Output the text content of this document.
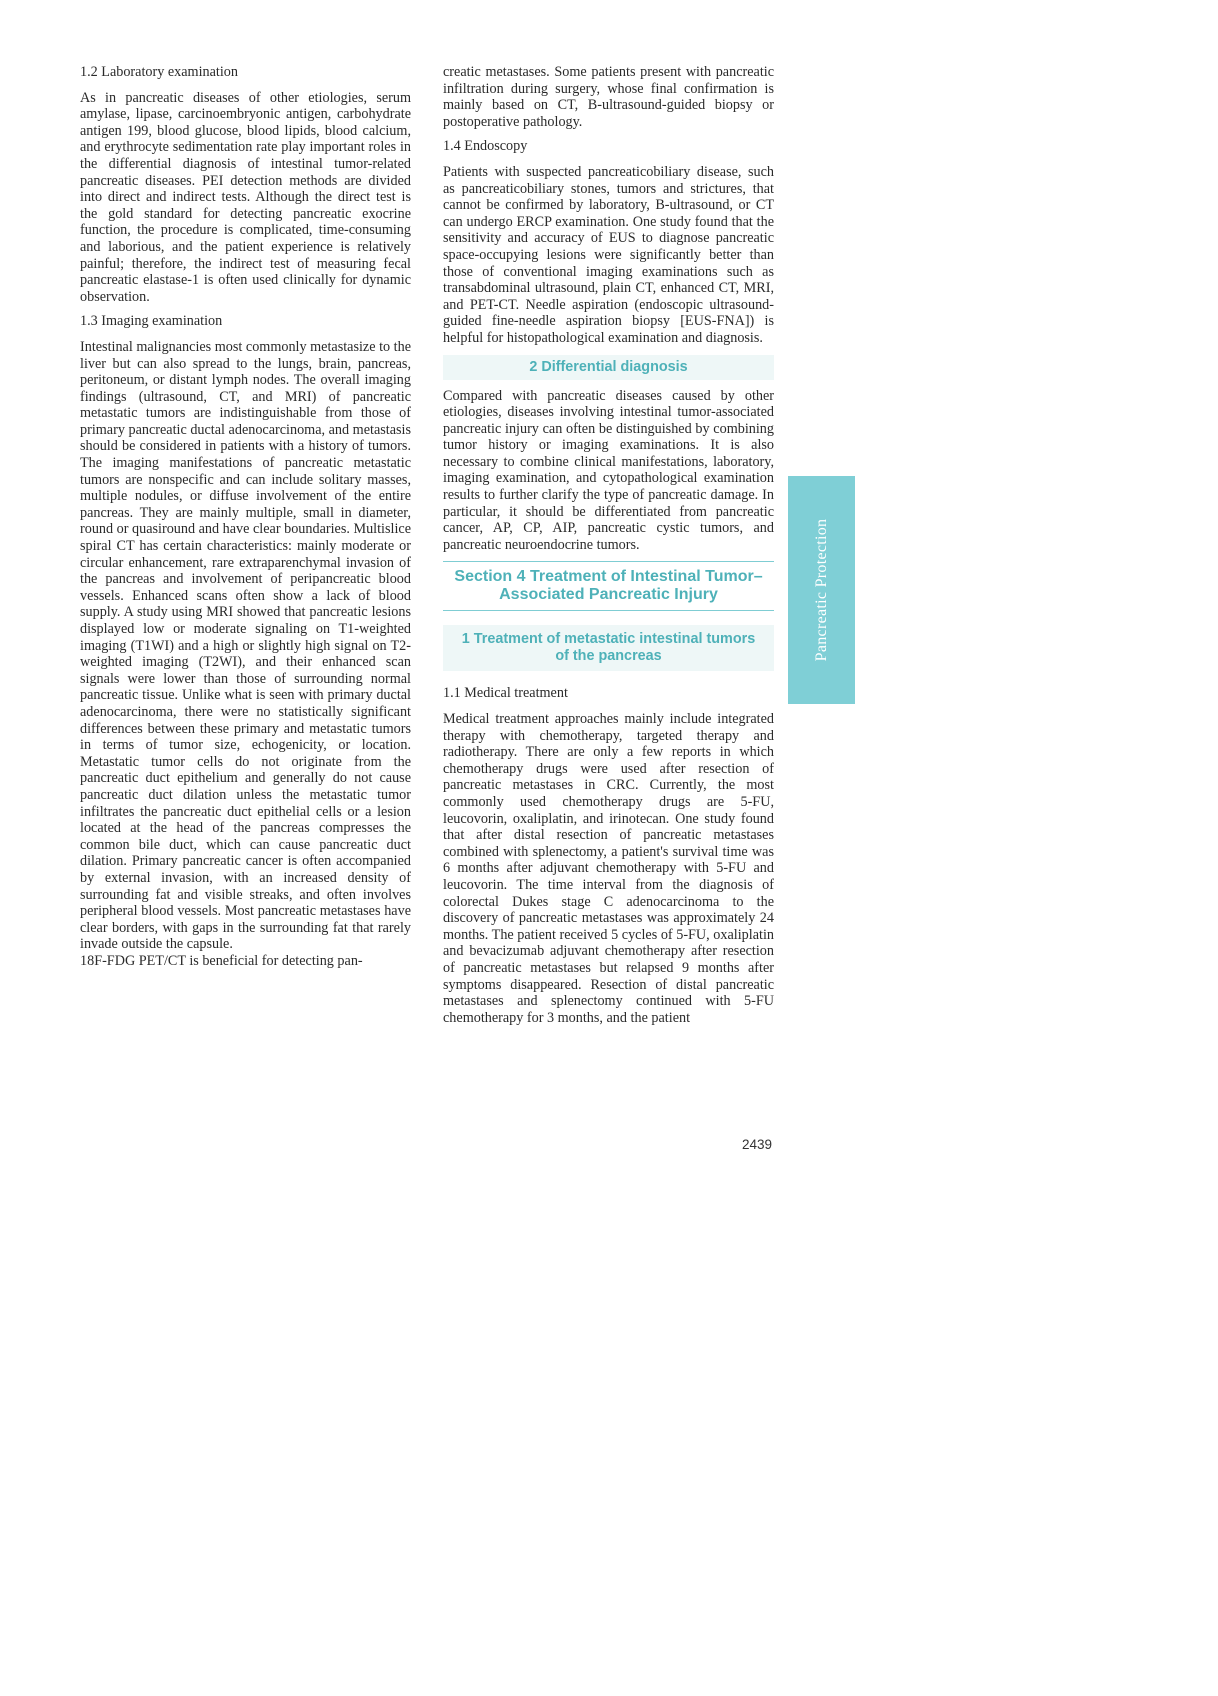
1.2 Laboratory examination

As in pancreatic diseases of other etiologies, serum amylase, lipase, carcinoembryonic antigen, carbohydrate antigen 199, blood glucose, blood lipids, blood calcium, and erythrocyte sedimentation rate play important roles in the differential diagnosis of intestinal tumor-related pancreatic diseases. PEI detection methods are divided into direct and indirect tests. Although the direct test is the gold standard for detecting pancreatic exocrine function, the procedure is complicated, time-consuming and laborious, and the patient experience is relatively painful; therefore, the indirect test of measuring fecal pancreatic elastase-1 is often used clinically for dynamic observation.

1.3 Imaging examination

Intestinal malignancies most commonly metastasize to the liver but can also spread to the lungs, brain, pancreas, peritoneum, or distant lymph nodes. The overall imaging findings (ultrasound, CT, and MRI) of pancreatic metastatic tumors are indistinguishable from those of primary pancreatic ductal adenocarcinoma, and metastasis should be considered in patients with a history of tumors. The imaging manifestations of pancreatic metastatic tumors are nonspecific and can include solitary masses, multiple nodules, or diffuse involvement of the entire pancreas. They are mainly multiple, small in diameter, round or quasiround and have clear boundaries. Multislice spiral CT has certain characteristics: mainly moderate or circular enhancement, rare extraparenchymal invasion of the pancreas and involvement of peripancreatic blood vessels. Enhanced scans often show a lack of blood supply. A study using MRI showed that pancreatic lesions displayed low or moderate signaling on T1-weighted imaging (T1WI) and a high or slightly high signal on T2-weighted imaging (T2WI), and their enhanced scan signals were lower than those of surrounding normal pancreatic tissue. Unlike what is seen with primary ductal adenocarcinoma, there were no statistically significant differences between these primary and metastatic tumors in terms of tumor size, echogenicity, or location. Metastatic tumor cells do not originate from the pancreatic duct epithelium and generally do not cause pancreatic duct dilation unless the metastatic tumor infiltrates the pancreatic duct epithelial cells or a lesion located at the head of the pancreas compresses the common bile duct, which can cause pancreatic duct dilation. Primary pancreatic cancer is often accompanied by external invasion, with an increased density of surrounding fat and visible streaks, and often involves peripheral blood vessels. Most pancreatic metastases have clear borders, with gaps in the surrounding fat that rarely invade outside the capsule.

18F-FDG PET/CT is beneficial for detecting pan-

creatic metastases. Some patients present with pancreatic infiltration during surgery, whose final confirmation is mainly based on CT, B-ultrasound-guided biopsy or postoperative pathology.

1.4 Endoscopy

Patients with suspected pancreaticobiliary disease, such as pancreaticobiliary stones, tumors and strictures, that cannot be confirmed by laboratory, B-ultrasound, or CT can undergo ERCP examination. One study found that the sensitivity and accuracy of EUS to diagnose pancreatic space-occupying lesions were significantly better than those of conventional imaging examinations such as transabdominal ultrasound, plain CT, enhanced CT, MRI, and PET-CT. Needle aspiration (endoscopic ultrasound-guided fine-needle aspiration biopsy [EUS-FNA]) is helpful for histopathological examination and diagnosis.

2 Differential diagnosis

Compared with pancreatic diseases caused by other etiologies, diseases involving intestinal tumor-associated pancreatic injury can often be distinguished by combining tumor history or imaging examinations. It is also necessary to combine clinical manifestations, laboratory, imaging examination, and cytopathological examination results to further clarify the type of pancreatic damage. In particular, it should be differentiated from pancreatic cancer, AP, CP, AIP, pancreatic cystic tumors, and pancreatic neuroendocrine tumors.

Section 4 Treatment of Intestinal Tumor–
Associated Pancreatic Injury
1 Treatment of metastatic intestinal tumors
of the pancreas
1.1 Medical treatment

Medical treatment approaches mainly include integrated therapy with chemotherapy, targeted therapy and radiotherapy. There are only a few reports in which chemotherapy drugs were used after resection of pancreatic metastases in CRC. Currently, the most commonly used chemotherapy drugs are 5-FU, leucovorin, oxaliplatin, and irinotecan. One study found that after distal resection of pancreatic metastases combined with splenectomy, a patient's survival time was 6 months after adjuvant chemotherapy with 5-FU and leucovorin. The time interval from the diagnosis of colorectal Dukes stage C adenocarcinoma to the discovery of pancreatic metastases was approximately 24 months. The patient received 5 cycles of 5-FU, oxaliplatin and bevacizumab adjuvant chemotherapy after resection of pancreatic metastases but relapsed 9 months after symptoms disappeared. Resection of distal pancreatic metastases and splenectomy continued with 5-FU chemotherapy for 3 months, and the patient

Pancreatic Protection
2439
